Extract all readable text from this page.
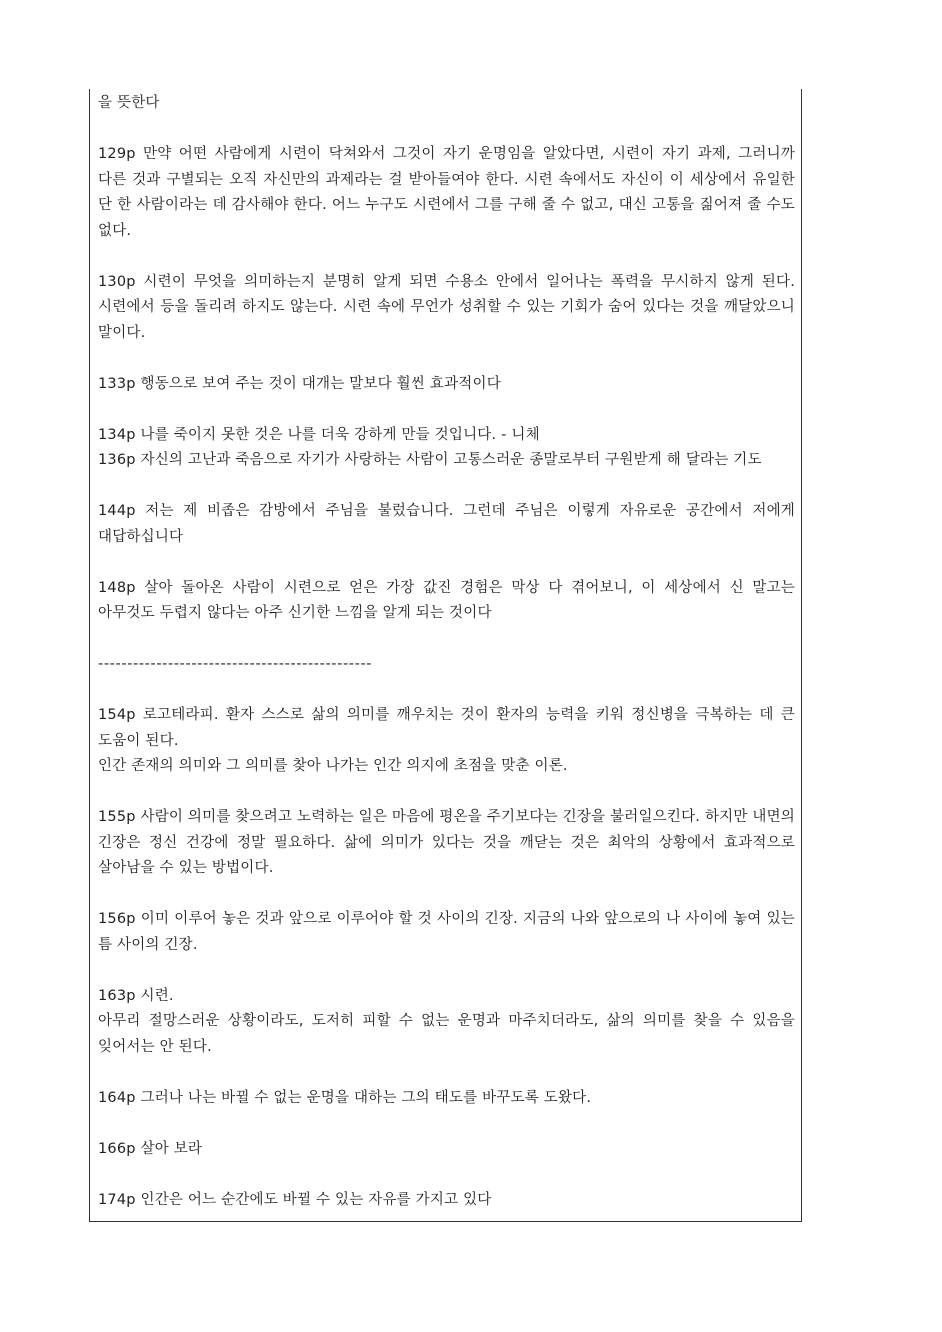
을 뜻한다
129p 만약 어떤 사람에게 시련이 닥쳐와서 그것이 자기 운명임을 알았다면, 시련이 자기 과제, 그러니까 다른 것과 구별되는 오직 자신만의 과제라는 걸 받아들여야 한다. 시련 속에서도 자신이 이 세상에서 유일한 단 한 사람이라는 데 감사해야 한다. 어느 누구도 시련에서 그를 구해 줄 수 없고, 대신 고통을 짊어져 줄 수도 없다.
130p 시련이 무엇을 의미하는지 분명히 알게 되면 수용소 안에서 일어나는 폭력을 무시하지 않게 된다. 시련에서 등을 돌리려 하지도 않는다. 시련 속에 무언가 성취할 수 있는 기회가 숨어 있다는 것을 깨달았으니 말이다.
133p 행동으로 보여 주는 것이 대개는 말보다 훨씬 효과적이다
134p 나를 죽이지 못한 것은 나를 더욱 강하게 만들 것입니다. - 니체
136p 자신의 고난과 죽음으로 자기가 사랑하는 사람이 고통스러운 종말로부터 구원받게 해 달라는 기도
144p 저는 제 비좁은 감방에서 주님을 불렀습니다. 그런데 주님은 이렇게 자유로운 공간에서 저에게 대답하십니다
148p 살아 돌아온 사람이 시련으로 얻은 가장 값진 경험은 막상 다 겪어보니, 이 세상에서 신 말고는 아무것도 두렵지 않다는 아주 신기한 느낌을 알게 되는 것이다
-----------------------------------------------
154p 로고테라피. 환자 스스로 삶의 의미를 깨우치는 것이 환자의 능력을 키워 정신병을 극복하는 데 큰 도움이 된다.
인간 존재의 의미와 그 의미를 찾아 나가는 인간 의지에 초점을 맞춘 이론.
155p 사람이 의미를 찾으려고 노력하는 일은 마음에 평온을 주기보다는 긴장을 불러일으킨다. 하지만 내면의 긴장은 정신 건강에 정말 필요하다. 삶에 의미가 있다는 것을 깨닫는 것은 최악의 상황에서 효과적으로 살아남을 수 있는 방법이다.
156p 이미 이루어 놓은 것과 앞으로 이루어야 할 것 사이의 긴장. 지금의 나와 앞으로의 나 사이에 놓여 있는 틈 사이의 긴장.
163p 시련.
아무리 절망스러운 상황이라도, 도저히 피할 수 없는 운명과 마주치더라도, 삶의 의미를 찾을 수 있음을 잊어서는 안 된다.
164p 그러나 나는 바뀔 수 없는 운명을 대하는 그의 태도를 바꾸도록 도왔다.
166p 살아 보라
174p 인간은 어느 순간에도 바뀔 수 있는 자유를 가지고 있다
